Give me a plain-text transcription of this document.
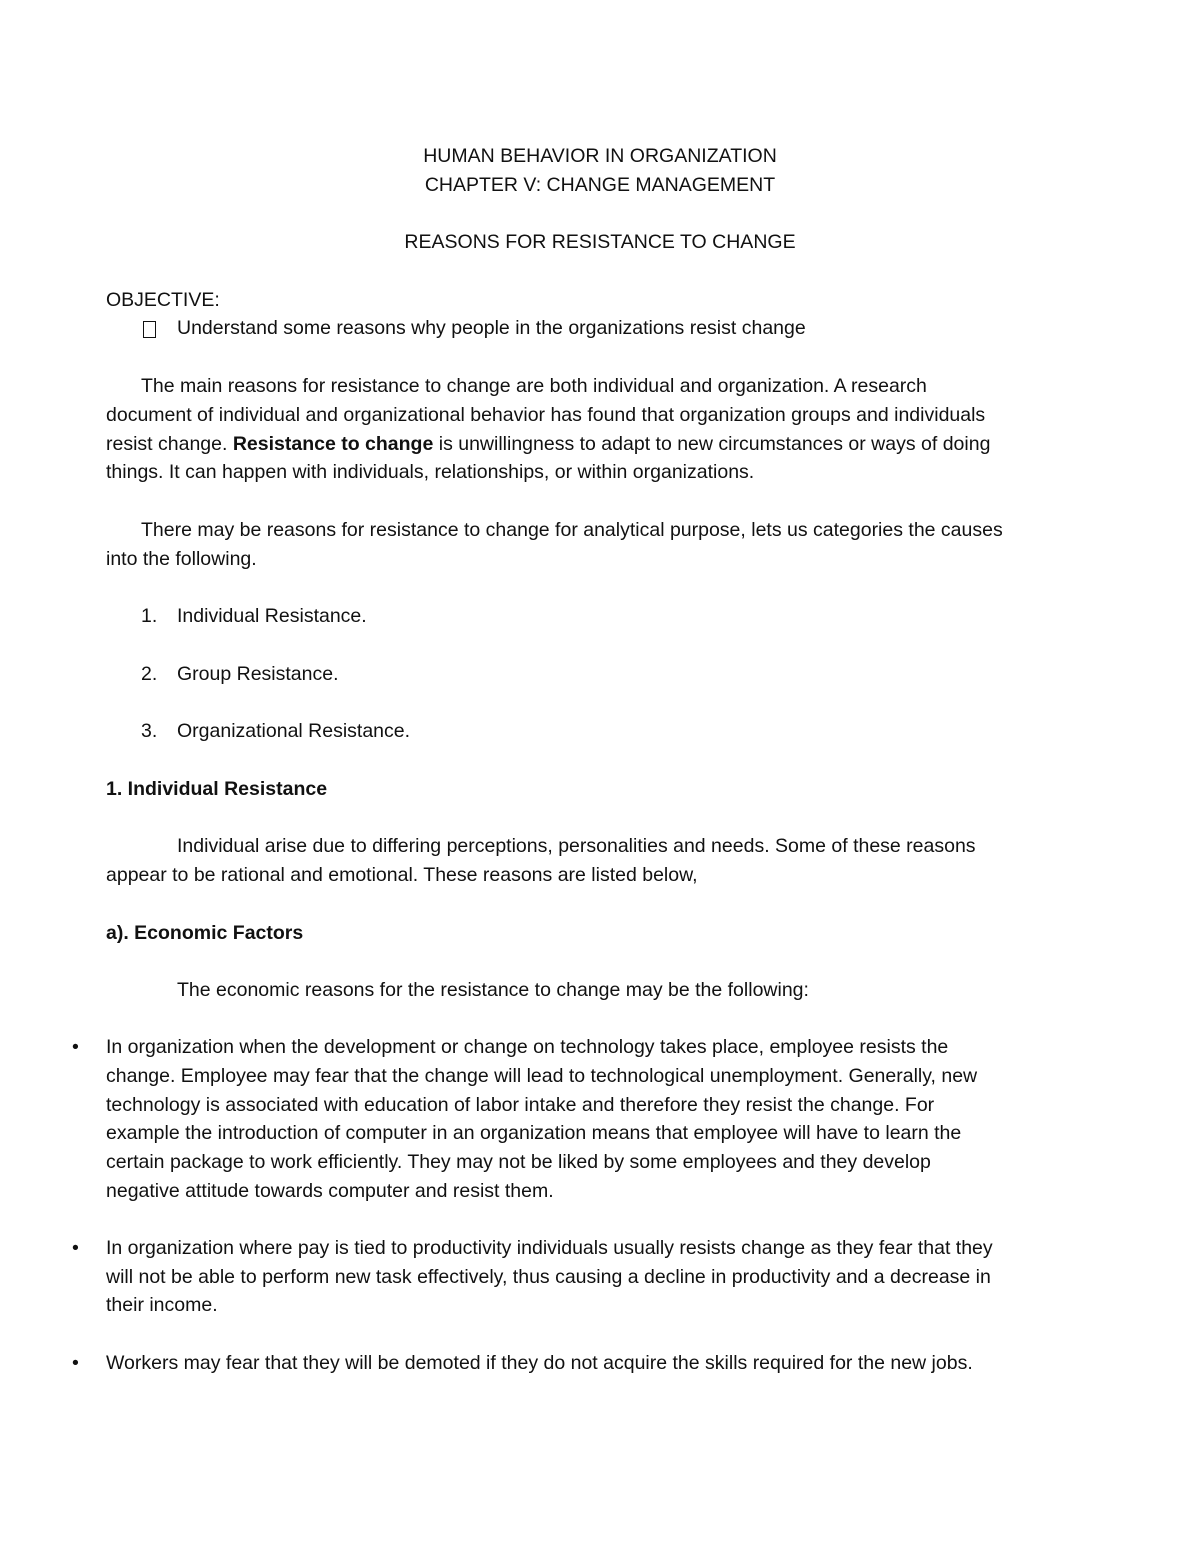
HUMAN BEHAVIOR IN ORGANIZATION
CHAPTER V: CHANGE MANAGEMENT
REASONS FOR RESISTANCE TO CHANGE
OBJECTIVE:
Understand some reasons why people in the organizations resist change
The main reasons for resistance to change are both individual and organization. A research
document of individual and organizational behavior has found that organization groups and individuals
resist change. Resistance to change is unwillingness to adapt to new circumstances or ways of doing
things. It can happen with individuals, relationships, or within organizations.
There may be reasons for resistance to change for analytical purpose, lets us categories the causes
into the following.
1.	Individual Resistance.
2.	Group Resistance.
3.	Organizational Resistance.
1. Individual Resistance
Individual arise due to differing perceptions, personalities and needs. Some of these reasons
appear to be rational and emotional. These reasons are listed below,
a). Economic Factors
The economic reasons for the resistance to change may be the following:
•	In organization when the development or change on technology takes place, employee resists the
change. Employee may fear that the change will lead to technological unemployment. Generally, new
technology is associated with education of labor intake and therefore they resist the change. For
example the introduction of computer in an organization means that employee will have to learn the
certain package to work efficiently. They may not be liked by some employees and they develop
negative attitude towards computer and resist them.
•	In organization where pay is tied to productivity individuals usually resists change as they fear that they
will not be able to perform new task effectively, thus causing a decline in productivity and a decrease in
their income.
•	Workers may fear that they will be demoted if they do not acquire the skills required for the new jobs.
